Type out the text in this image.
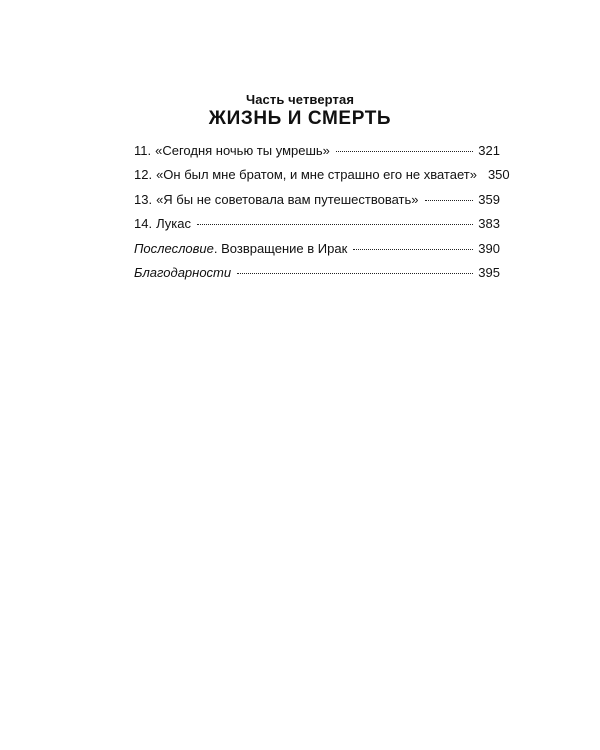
Часть четвертая
ЖИЗНЬ И СМЕРТЬ
11. «Сегодня ночью ты умрешь»	321
12. «Он был мне братом, и мне страшно его не хватает» 350
13. «Я бы не советовала вам путешествовать»	359
14. Лукас	383
Послесловие. Возвращение в Ирак	390
Благодарности	395
